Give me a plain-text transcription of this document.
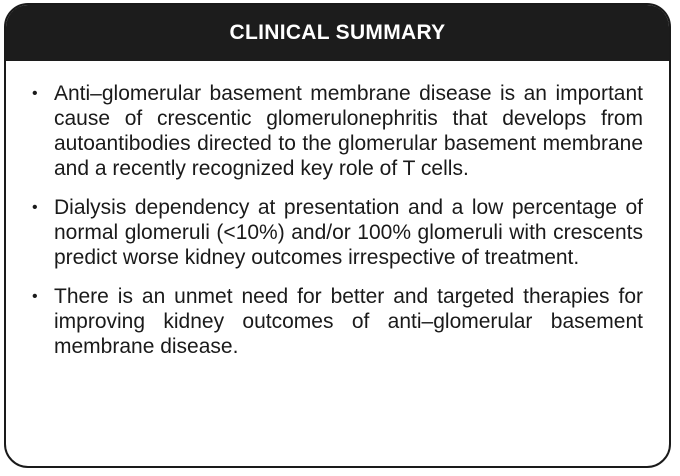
CLINICAL SUMMARY
• Anti–glomerular basement membrane disease is an important cause of crescentic glomerulonephritis that develops from autoantibodies directed to the glomerular basement membrane and a recently recognized key role of T cells.
• Dialysis dependency at presentation and a low percentage of normal glomeruli (<10%) and/or 100% glomeruli with crescents predict worse kidney outcomes irrespective of treatment.
• There is an unmet need for better and targeted therapies for improving kidney outcomes of anti–glomerular basement membrane disease.
